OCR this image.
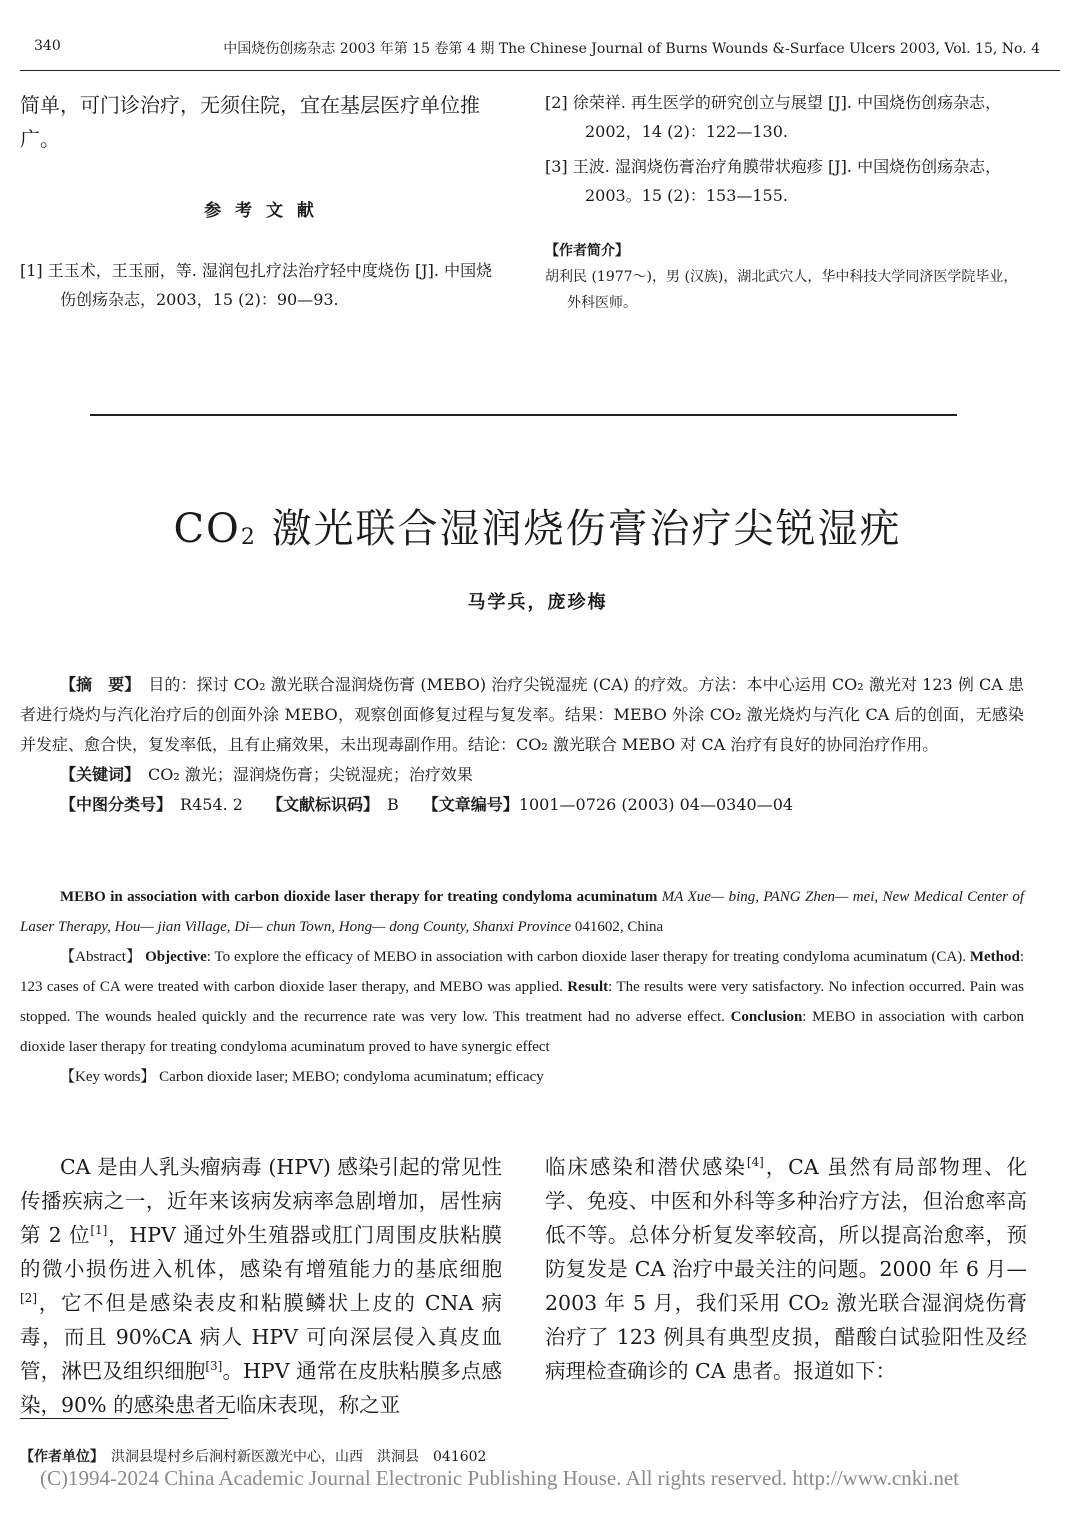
340	中国烧伤创疡杂志 2003 年第 15 卷第 4 期 The Chinese Journal of Burns Wounds &-Surface Ulcers 2003, Vol. 15, No. 4
简单，可门诊治疗，无须住院，宜在基层医疗单位推广。
参 考 文 献

[1] 王玉术，王玉丽，等. 湿润包扎疗法治疗轻中度烧伤 [J]. 中国烧伤创疡杂志，2003，15 (2)：90—93.

[2] 徐荣祥. 再生医学的研究创立与展望 [J]. 中国烧伤创疡杂志，2002，14 (2)：122—130.

[3] 王波. 湿润烧伤膏治疗角膜带状疱疹 [J]. 中国烧伤创疡杂志，2003。15 (2)：153—155.

【作者简介】

胡利民 (1977～)，男 (汉族)，湖北武穴人，华中科技大学同济医学院毕业，外科医师。

$CO_2$ 激光联合湿润烧伤膏治疗尖锐湿疣
马学兵，庞珍梅

【摘　要】　 目的：探讨 CO₂ 激光联合湿润烧伤膏 (MEBO) 治疗尖锐湿疣 (CA) 的疗效。方法：本中心运用 CO₂ 激光对 123 例 CA 患者进行烧灼与汽化治疗后的创面外涂 MEBO，观察创面修复过程与复发率。结果：MEBO 外涂 CO₂ 激光烧灼与汽化 CA 后的创面，无感染并发症、愈合快，复发率低，且有止痛效果，未出现毒副作用。结论：CO₂ 激光联合 MEBO 对 CA 治疗有良好的协同治疗作用。

【关键词】　 CO₂ 激光；湿润烧伤膏；尖锐湿疣；治疗效果

【中图分类号】　 R454. 2　　 【文献标识码】　 B　　 【文章编号】1001—0726 (2003) 04—0340—04

MEBO in association with carbon dioxide laser therapy for treating condyloma acuminatum MA Xue— bing, PANG Zhen— mei, New Medical Center of Laser Therapy, Hou— jian Village, Di— chun Town, Hong— dong County, Shanxi Province 041602, China

【Abstract】 Objective: To explore the efficacy of MEBO in association with carbon dioxide laser therapy for treating condyloma acuminatum (CA). Method: 123 cases of CA were treated with carbon dioxide laser therapy, and MEBO was applied. Result: The results were very satisfactory. No infection occurred. Pain was stopped. The wounds healed quickly and the recurrence rate was very low. This treatment had no adverse effect. Conclusion: MEBO in association with carbon dioxide laser therapy for treating condyloma acuminatum proved to have synergic effect

【Key words】 Carbon dioxide laser; MEBO; condyloma acuminatum; efficacy

CA 是由人乳头瘤病毒 (HPV) 感染引起的常见性传播疾病之一，近年来该病发病率急剧增加，居性病第 2 位[1]，HPV 通过外生殖器或肛门周围皮肤粘膜的微小损伤进入机体，感染有增殖能力的基底细胞[2]，它不但是感染表皮和粘膜鳞状上皮的 CNA 病毒，而且 90%CA 病人 HPV 可向深层侵入真皮血管，淋巴及组织细胞[3]。HPV 通常在皮肤粘膜多点感染，90% 的感染患者无临床表现，称之亚

临床感染和潜伏感染[4]，CA 虽然有局部物理、化学、免疫、中医和外科等多种治疗方法，但治愈率高低不等。总体分析复发率较高，所以提高治愈率，预防复发是 CA 治疗中最关注的问题。2000 年 6 月—2003 年 5 月，我们采用 CO₂ 激光联合湿润烧伤膏治疗了 123 例具有典型皮损，醋酸白试验阳性及经病理检查确诊的 CA 患者。报道如下：

【作者单位】　 洪洞县堤村乡后涧村新医激光中心，山西　洪洞县　041602
(C)1994-2024 China Academic Journal Electronic Publishing House. All rights reserved. http://www.cnki.net
